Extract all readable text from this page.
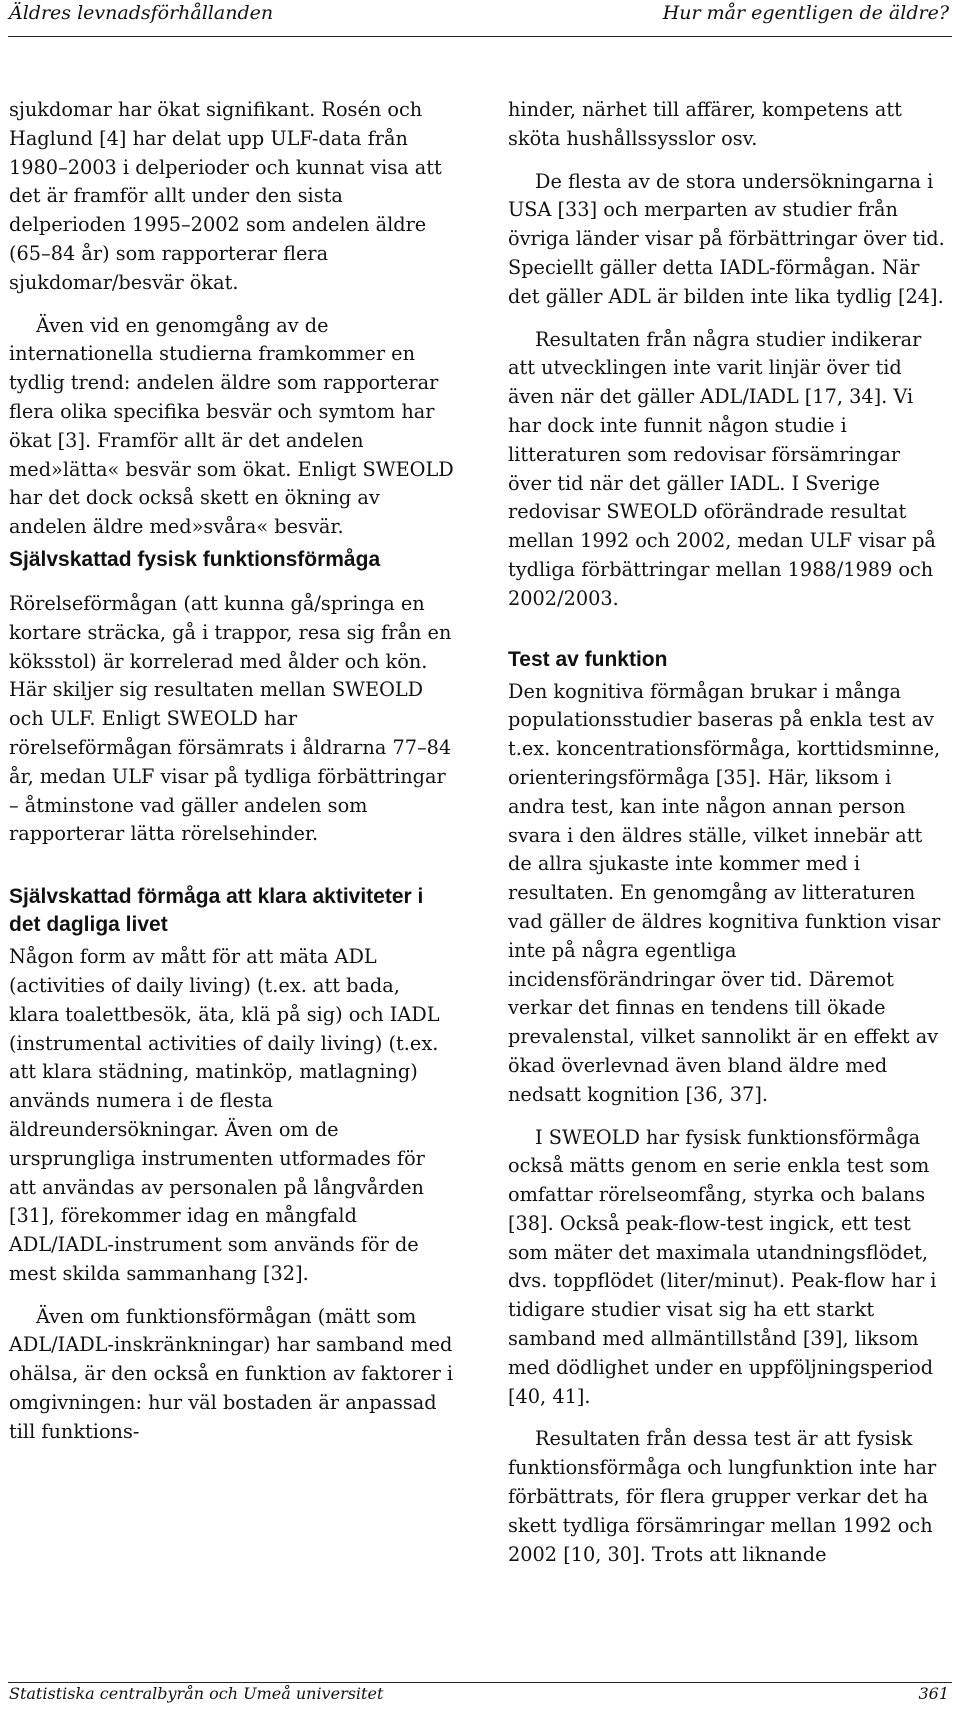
Äldres levnadsförhållanden	Hur mår egentligen de äldre?

sjukdomar har ökat signifikant. Rosén och Haglund [4] har delat upp ULF-data från 1980–2003 i delperioder och kunnat visa att det är framför allt under den sista delperioden 1995–2002 som andelen äldre (65–84 år) som rapporterar flera sjukdomar/besvär ökat.

Även vid en genomgång av de internationella studierna framkommer en tydlig trend: andelen äldre som rapporterar flera olika specifika besvär och symtom har ökat [3]. Framför allt är det andelen med»lätta« besvär som ökat. Enligt SWEOLD har det dock också skett en ökning av andelen äldre med»svåra« besvär.

Självskattad fysisk funktionsförmåga

Rörelseförmågan (att kunna gå/springa en kortare sträcka, gå i trappor, resa sig från en köksstol) är korrelerad med ålder och kön. Här skiljer sig resultaten mellan SWEOLD och ULF. Enligt SWEOLD har rörelseförmågan försämrats i åldrarna 77–84 år, medan ULF visar på tydliga förbättringar – åtminstone vad gäller andelen som rapporterar lätta rörelsehinder.

Självskattad förmåga att klara aktiviteter i det dagliga livet

Någon form av mått för att mäta ADL (activities of daily living) (t.ex. att bada, klara toalettbesök, äta, klä på sig) och IADL (instrumental activities of daily living) (t.ex. att klara städning, matinköp, matlagning) används numera i de flesta äldreundersökningar. Även om de ursprungliga instrumenten utformades för att användas av personalen på långvården [31], förekommer idag en mångfald ADL/IADL-instrument som används för de mest skilda sammanhang [32].

Även om funktionsförmågan (mätt som ADL/IADL-inskränkningar) har samband med ohälsa, är den också en funktion av faktorer i omgivningen: hur väl bostaden är anpassad till funktions-

hinder, närhet till affärer, kompetens att sköta hushållssysslor osv.

De flesta av de stora undersökningarna i USA [33] och merparten av studier från övriga länder visar på förbättringar över tid. Speciellt gäller detta IADL-förmågan. När det gäller ADL är bilden inte lika tydlig [24].

Resultaten från några studier indikerar att utvecklingen inte varit linjär över tid även när det gäller ADL/IADL [17, 34]. Vi har dock inte funnit någon studie i litteraturen som redovisar försämringar över tid när det gäller IADL. I Sverige redovisar SWEOLD oförändrade resultat mellan 1992 och 2002, medan ULF visar på tydliga förbättringar mellan 1988/1989 och 2002/2003.

Test av funktion

Den kognitiva förmågan brukar i många populationsstudier baseras på enkla test av t.ex. koncentrationsförmåga, korttidsminne, orienteringsförmåga [35]. Här, liksom i andra test, kan inte någon annan person svara i den äldres ställe, vilket innebär att de allra sjukaste inte kommer med i resultaten. En genomgång av litteraturen vad gäller de äldres kognitiva funktion visar inte på några egentliga incidensförändringar över tid. Däremot verkar det finnas en tendens till ökade prevalenstal, vilket sannolikt är en effekt av ökad överlevnad även bland äldre med nedsatt kognition [36, 37].

I SWEOLD har fysisk funktionsförmåga också mätts genom en serie enkla test som omfattar rörelseomfång, styrka och balans [38]. Också peak-flow-test ingick, ett test som mäter det maximala utandningsflödet, dvs. toppflödet (liter/minut). Peak-flow har i tidigare studier visat sig ha ett starkt samband med allmäntillstånd [39], liksom med dödlighet under en uppföljningsperiod [40, 41].

Resultaten från dessa test är att fysisk funktionsförmåga och lungfunktion inte har förbättrats, för flera grupper verkar det ha skett tydliga försämringar mellan 1992 och 2002 [10, 30]. Trots att liknande

Statistiska centralbyrån och Umeå universitet	361
